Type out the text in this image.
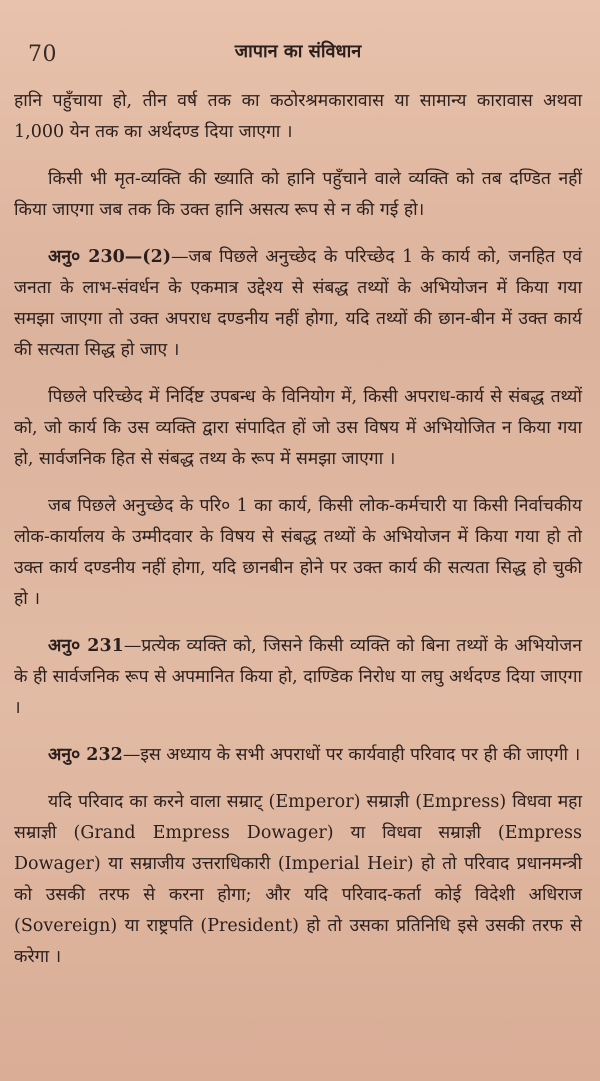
70	जापान का संविधान

हानि पहुँचाया हो, तीन वर्ष तक का कठोरश्रमकारावास या सामान्य कारावास अथवा 1,000 येन तक का अर्थदण्ड दिया जाएगा ।

किसी भी मृत-व्यक्ति की ख्याति को हानि पहुँचाने वाले व्यक्ति को तब दण्डित नहीं किया जाएगा जब तक कि उक्त हानि असत्य रूप से न की गई हो।

अनु० 230—(2)—जब पिछले अनुच्छेद के परिच्छेद 1 के कार्य को, जनहित एवं जनता के लाभ-संवर्धन के एकमात्र उद्देश्य से संबद्ध तथ्यों के अभियोजन में किया गया समझा जाएगा तो उक्त अपराध दण्डनीय नहीं होगा, यदि तथ्यों की छान-बीन में उक्त कार्य की सत्यता सिद्ध हो जाए ।

पिछले परिच्छेद में निर्दिष्ट उपबन्ध के विनियोग में, किसी अपराध-कार्य से संबद्ध तथ्यों को, जो कार्य कि उस व्यक्ति द्वारा संपादित हों जो उस विषय में अभियोजित न किया गया हो, सार्वजनिक हित से संबद्ध तथ्य के रूप में समझा जाएगा ।

जब पिछले अनुच्छेद के परि० 1 का कार्य, किसी लोक-कर्मचारी या किसी निर्वाचकीय लोक-कार्यालय के उम्मीदवार के विषय से संबद्ध तथ्यों के अभियोजन में किया गया हो तो उक्त कार्य दण्डनीय नहीं होगा, यदि छानबीन होने पर उक्त कार्य की सत्यता सिद्ध हो चुकी हो ।

अनु० 231—प्रत्येक व्यक्ति को, जिसने किसी व्यक्ति को बिना तथ्यों के अभियोजन के ही सार्वजनिक रूप से अपमानित किया हो, दाण्डिक निरोध या लघु अर्थदण्ड दिया जाएगा ।

अनु० 232—इस अध्याय के सभी अपराधों पर कार्यवाही परिवाद पर ही की जाएगी ।

यदि परिवाद का करने वाला सम्राट् (Emperor) सम्राज्ञी (Empress) विधवा महा सम्राज्ञी (Grand Empress Dowager) या विधवा सम्राज्ञी (Empress Dowager) या सम्राजीय उत्तराधिकारी (Imperial Heir) हो तो परिवाद प्रधानमन्त्री को उसकी तरफ से करना होगा; और यदि परिवाद-कर्ता कोई विदेशी अधिराज (Sovereign) या राष्ट्रपति (President) हो तो उसका प्रतिनिधि इसे उसकी तरफ से करेगा ।
